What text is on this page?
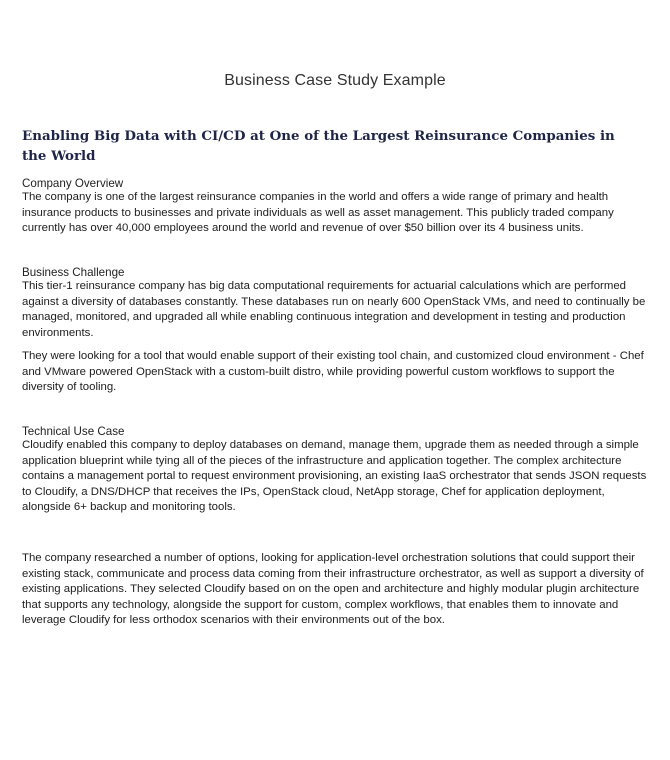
Business Case Study Example
Enabling Big Data with CI/CD at One of the Largest Reinsurance Companies in the World
Company Overview

The company is one of the largest reinsurance companies in the world and offers a wide range of primary and health insurance products to businesses and private individuals as well as asset management. This publicly traded company currently has over 40,000 employees around the world and revenue of over $50 billion over its 4 business units.

Business Challenge

This tier-1 reinsurance company has big data computational requirements for actuarial calculations which are performed against a diversity of databases constantly. These databases run on nearly 600 OpenStack VMs, and need to continually be managed, monitored, and upgraded all while enabling continuous integration and development in testing and production environments.

They were looking for a tool that would enable support of their existing tool chain, and customized cloud environment - Chef and VMware powered OpenStack with a custom-built distro, while providing powerful custom workflows to support the diversity of tooling.

Technical Use Case

Cloudify enabled this company to deploy databases on demand, manage them, upgrade them as needed through a simple application blueprint while tying all of the pieces of the infrastructure and application together. The complex architecture contains a management portal to request environment provisioning, an existing IaaS orchestrator that sends JSON requests to Cloudify, a DNS/DHCP that receives the IPs, OpenStack cloud, NetApp storage, Chef for application deployment, alongside 6+ backup and monitoring tools.

The company researched a number of options, looking for application-level orchestration solutions that could support their existing stack, communicate and process data coming from their infrastructure orchestrator, as well as support a diversity of existing applications. They selected Cloudify based on on the open and architecture and highly modular plugin architecture that supports any technology, alongside the support for custom, complex workflows, that enables them to innovate and leverage Cloudify for less orthodox scenarios with their environments out of the box.
